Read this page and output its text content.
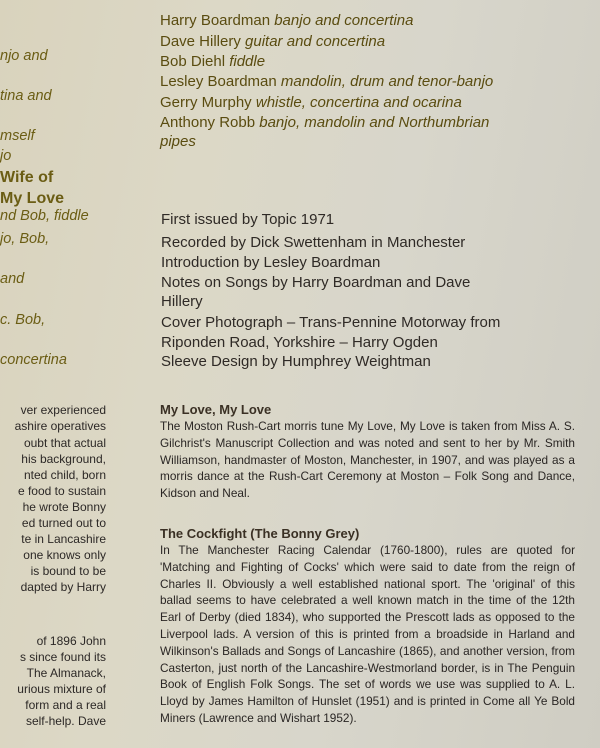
njo and
tina and
mself
jo
Wife of
My Love
nd Bob, fiddle
jo, Bob,
and
c. Bob,
concertina
ver experienced
ashire operatives
oubt that actual
his background,
nted child, born
e food to sustain
he wrote Bonny
ed turned out to
te in Lancashire
one knows only
is bound to be
dapted by Harry
of 1896 John
s since found its
The Almanack,
urious mixture of
form and a real
self-help. Dave
Harry Boardman banjo and concertina
Dave Hillery guitar and concertina
Bob Diehl fiddle
Lesley Boardman mandolin, drum and tenor-banjo
Gerry Murphy whistle, concertina and ocarina
Anthony Robb banjo, mandolin and Northumbrian
pipes
First issued by Topic 1971
Recorded by Dick Swettenham in Manchester
Introduction by Lesley Boardman
Notes on Songs by Harry Boardman and Dave
Hillery
Cover Photograph – Trans-Pennine Motorway from
Riponden Road, Yorkshire – Harry Ogden
Sleeve Design by Humphrey Weightman
My Love, My Love
The Moston Rush-Cart morris tune My Love, My Love is taken from Miss A. S. Gilchrist's Manuscript Collection and was noted and sent to her by Mr. Smith Williamson, handmaster of Moston, Manchester, in 1907, and was played as a morris dance at the Rush-Cart Ceremony at Moston – Folk Song and Dance, Kidson and Neal.
The Cockfight (The Bonny Grey)
In The Manchester Racing Calendar (1760-1800), rules are quoted for 'Matching and Fighting of Cocks' which were said to date from the reign of Charles II. Obviously a well established national sport. The 'original' of this ballad seems to have celebrated a well known match in the time of the 12th Earl of Derby (died 1834), who supported the Prescott lads as opposed to the Liverpool lads. A version of this is printed from a broadside in Harland and Wilkinson's Ballads and Songs of Lancashire (1865), and another version, from Casterton, just north of the Lancashire-Westmorland border, is in The Penguin Book of English Folk Songs. The set of words we use was supplied to A. L. Lloyd by James Hamilton of Hunslet (1951) and is printed in Come all Ye Bold Miners (Lawrence and Wishart 1952).
